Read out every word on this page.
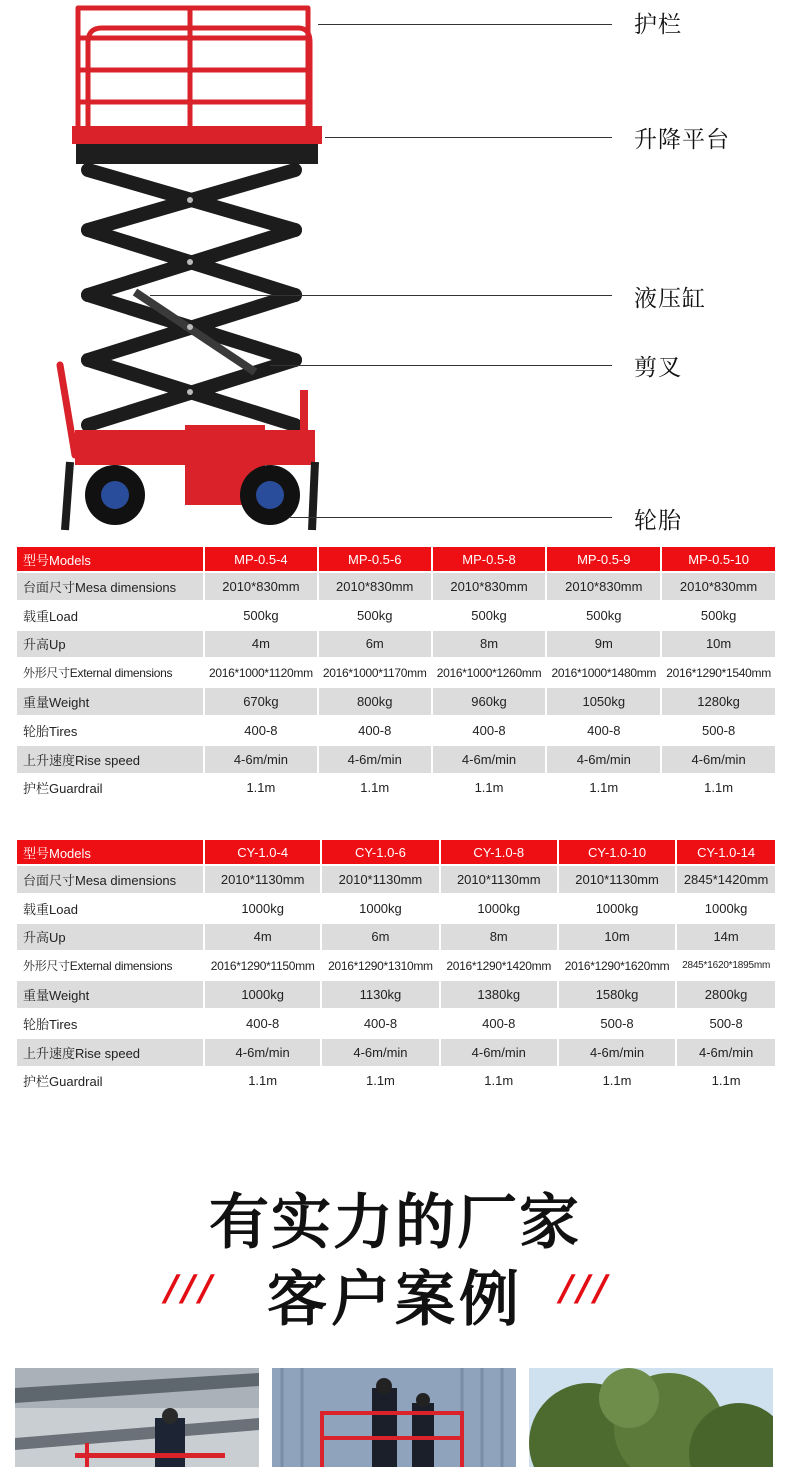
护栏
升降平台
液压缸
剪叉
轮胎
型号Models	MP-0.5-4	MP-0.5-6	MP-0.5-8	MP-0.5-9	MP-0.5-10
台面尺寸Mesa dimensions	2010*830mm	2010*830mm	2010*830mm	2010*830mm	2010*830mm
载重Load	500kg	500kg	500kg	500kg	500kg
升高Up	4m	6m	8m	9m	10m
外形尺寸External dimensions	2016*1000*1120mm	2016*1000*1170mm	2016*1000*1260mm	2016*1000*1480mm	2016*1290*1540mm
重量Weight	670kg	800kg	960kg	1050kg	1280kg
轮胎Tires	400-8	400-8	400-8	400-8	500-8
上升速度Rise speed	4-6m/min	4-6m/min	4-6m/min	4-6m/min	4-6m/min
护栏Guardrail	1.1m	1.1m	1.1m	1.1m	1.1m
型号Models	CY-1.0-4	CY-1.0-6	CY-1.0-8	CY-1.0-10	CY-1.0-14
台面尺寸Mesa dimensions	2010*1130mm	2010*1130mm	2010*1130mm	2010*1130mm	2845*1420mm
载重Load	1000kg	1000kg	1000kg	1000kg	1000kg
升高Up	4m	6m	8m	10m	14m
外形尺寸External dimensions	2016*1290*1150mm	2016*1290*1310mm	2016*1290*1420mm	2016*1290*1620mm	2845*1620*1895mm
重量Weight	1000kg	1130kg	1380kg	1580kg	2800kg
轮胎Tires	400-8	400-8	400-8	500-8	500-8
上升速度Rise speed	4-6m/min	4-6m/min	4-6m/min	4-6m/min	4-6m/min
护栏Guardrail	1.1m	1.1m	1.1m	1.1m	1.1m
有实力的厂家
/// 客户案例	///
